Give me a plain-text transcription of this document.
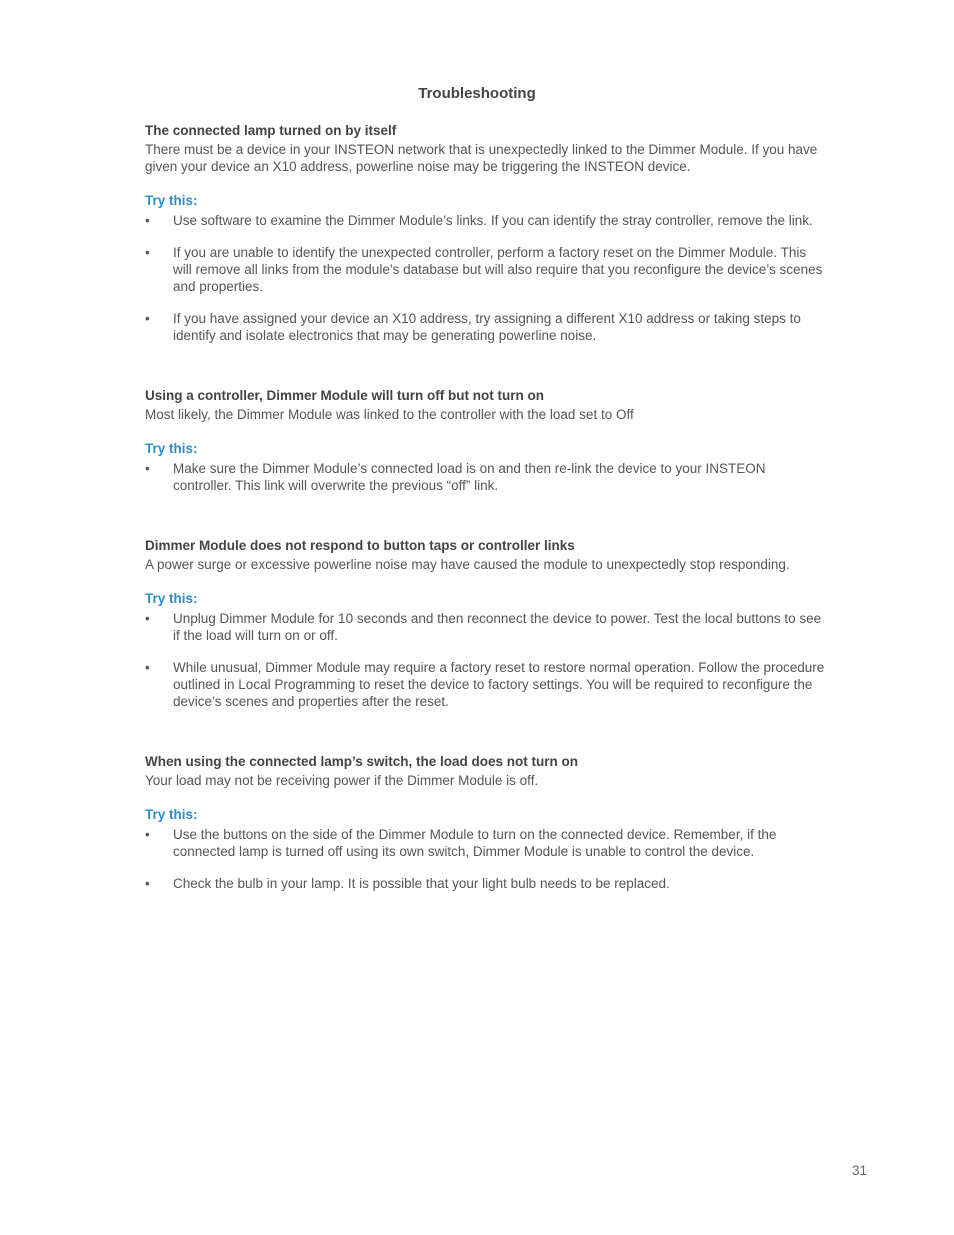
Troubleshooting

The connected lamp turned on by itself

There must be a device in your INSTEON network that is unexpectedly linked to the Dimmer Module. If you have given your device an X10 address, powerline noise may be triggering the INSTEON device.

Try this:

• Use software to examine the Dimmer Module’s links. If you can identify the stray controller, remove the link.
• If you are unable to identify the unexpected controller, perform a factory reset on the Dimmer Module. This will remove all links from the module’s database but will also require that you reconfigure the device’s scenes and properties.
• If you have assigned your device an X10 address, try assigning a different X10 address or taking steps to identify and isolate electronics that may be generating powerline noise.

Using a controller, Dimmer Module will turn off but not turn on

Most likely, the Dimmer Module was linked to the controller with the load set to Off

Try this:

• Make sure the Dimmer Module’s connected load is on and then re-link the device to your INSTEON controller. This link will overwrite the previous “off” link.

Dimmer Module does not respond to button taps or controller links

A power surge or excessive powerline noise may have caused the module to unexpectedly stop responding.

Try this:

• Unplug Dimmer Module for 10 seconds and then reconnect the device to power. Test the local buttons to see if the load will turn on or off.
• While unusual, Dimmer Module may require a factory reset to restore normal operation. Follow the procedure outlined in Local Programming to reset the device to factory settings. You will be required to reconfigure the device’s scenes and properties after the reset.

When using the connected lamp’s switch, the load does not turn on

Your load may not be receiving power if the Dimmer Module is off.

Try this:

• Use the buttons on the side of the Dimmer Module to turn on the connected device. Remember, if the connected lamp is turned off using its own switch, Dimmer Module is unable to control the device.
• Check the bulb in your lamp. It is possible that your light bulb needs to be replaced.
31
